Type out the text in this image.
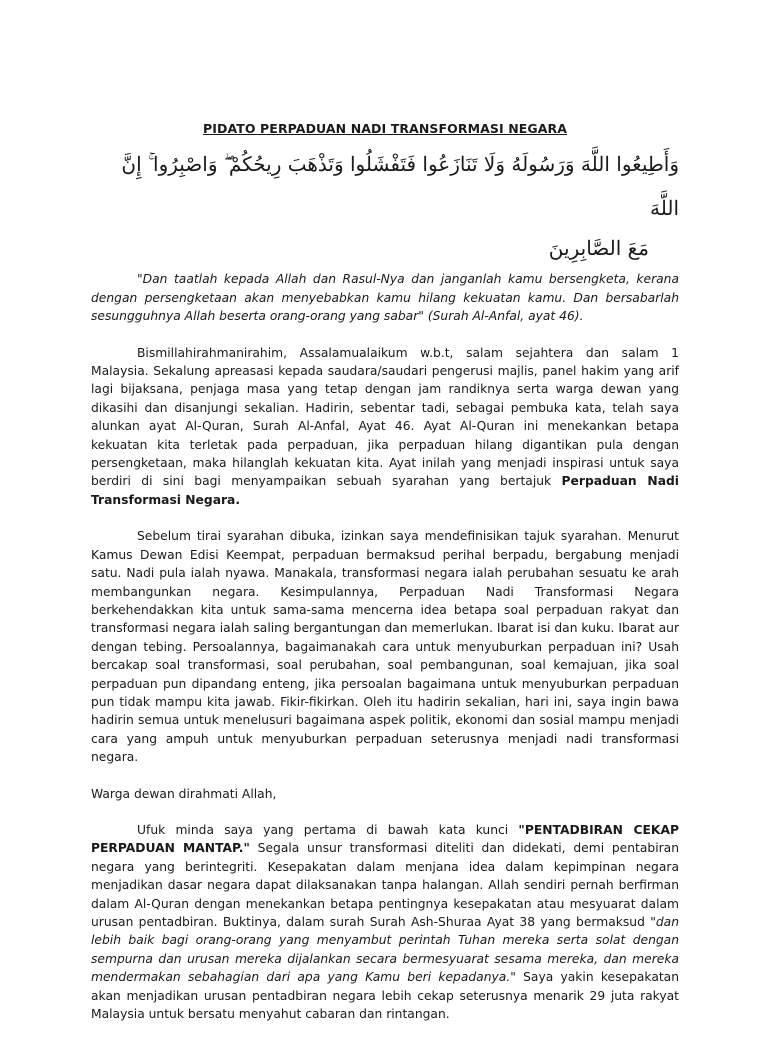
PIDATO PERPADUAN NADI TRANSFORMASI NEGARA
وَأَطِيعُوا اللَّهَ وَرَسُولَهُ وَلَا تَنَازَعُوا فَتَفْشَلُوا وَتَذْهَبَ رِيحُكُمْ ۖ وَاصْبِرُوا ۚ إِنَّ اللَّهَ
مَعَ الصَّابِرِينَ

"Dan taatlah kepada Allah dan Rasul-Nya dan janganlah kamu bersengketa, kerana dengan persengketaan akan menyebabkan kamu hilang kekuatan kamu. Dan bersabarlah sesungguhnya Allah beserta orang-orang yang sabar" (Surah Al-Anfal, ayat 46).

Bismillahirahmanirahim, Assalamualaikum w.b.t, salam sejahtera dan salam 1 Malaysia. Sekalung apreasasi kepada saudara/saudari pengerusi majlis, panel hakim yang arif lagi bijaksana, penjaga masa yang tetap dengan jam randiknya serta warga dewan yang dikasihi dan disanjungi sekalian. Hadirin, sebentar tadi, sebagai pembuka kata, telah saya alunkan ayat Al-Quran, Surah Al-Anfal, Ayat 46. Ayat Al-Quran ini menekankan betapa kekuatan kita terletak pada perpaduan, jika perpaduan hilang digantikan pula dengan persengketaan, maka hilanglah kekuatan kita. Ayat inilah yang menjadi inspirasi untuk saya berdiri di sini bagi menyampaikan sebuah syarahan yang bertajuk Perpaduan Nadi Transformasi Negara.

Sebelum tirai syarahan dibuka, izinkan saya mendefinisikan tajuk syarahan. Menurut Kamus Dewan Edisi Keempat, perpaduan bermaksud perihal berpadu, bergabung menjadi satu. Nadi pula ialah nyawa. Manakala, transformasi negara ialah perubahan sesuatu ke arah membangunkan negara. Kesimpulannya, Perpaduan Nadi Transformasi Negara berkehendakkan kita untuk sama-sama mencerna idea betapa soal perpaduan rakyat dan transformasi negara ialah saling bergantungan dan memerlukan. Ibarat isi dan kuku. Ibarat aur dengan tebing. Persoalannya, bagaimanakah cara untuk menyuburkan perpaduan ini? Usah bercakap soal transformasi, soal perubahan, soal pembangunan, soal kemajuan, jika soal perpaduan pun dipandang enteng, jika persoalan bagaimana untuk menyuburkan perpaduan pun tidak mampu kita jawab. Fikir-fikirkan. Oleh itu hadirin sekalian, hari ini, saya ingin bawa hadirin semua untuk menelusuri bagaimana aspek politik, ekonomi dan sosial mampu menjadi cara yang ampuh untuk menyuburkan perpaduan seterusnya menjadi nadi transformasi negara.

Warga dewan dirahmati Allah,

Ufuk minda saya yang pertama di bawah kata kunci "PENTADBIRAN CEKAP PERPADUAN MANTAP." Segala unsur transformasi diteliti dan didekati, demi pentabiran negara yang berintegriti. Kesepakatan dalam menjana idea dalam kepimpinan negara menjadikan dasar negara dapat dilaksanakan tanpa halangan. Allah sendiri pernah berfirman dalam Al-Quran dengan menekankan betapa pentingnya kesepakatan atau mesyuarat dalam urusan pentadbiran. Buktinya, dalam surah Surah Ash-Shuraa Ayat 38 yang bermaksud "dan lebih baik bagi orang-orang yang menyambut perintah Tuhan mereka serta solat dengan sempurna dan urusan mereka dijalankan secara bermesyuarat sesama mereka, dan mereka mendermakan sebahagian dari apa yang Kamu beri kepadanya." Saya yakin kesepakatan akan menjadikan urusan pentadbiran negara lebih cekap seterusnya menarik 29 juta rakyat Malaysia untuk bersatu menyahut cabaran dan rintangan.
